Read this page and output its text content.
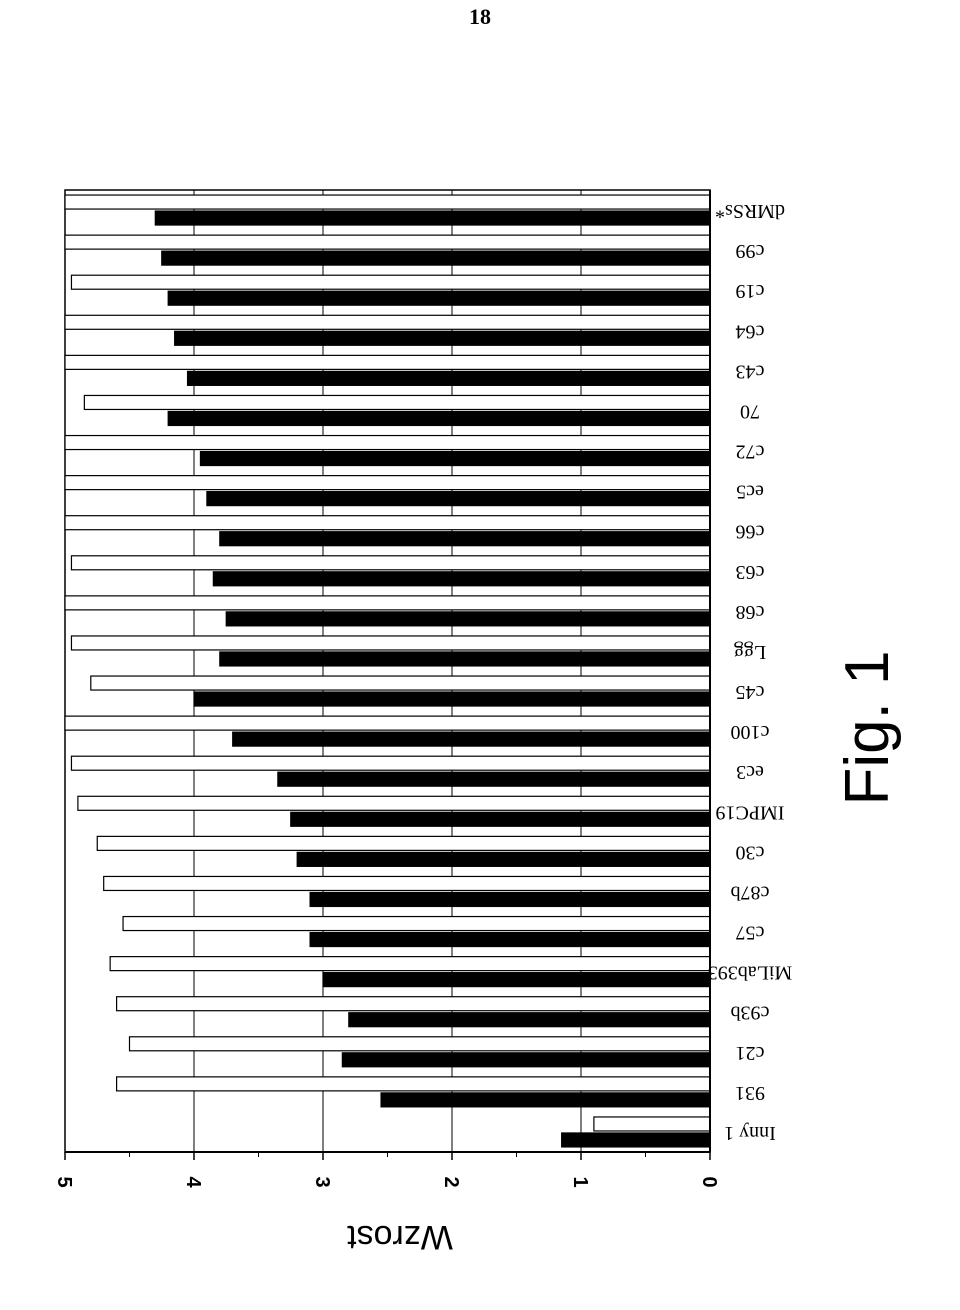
18
0
1
2
3
4
5
Inny 1
931
c21
c93b
MiLab393
c57
c87b
c30
IMPC19
ec3
c100
c45
Lgg
c68
c63
c66
ec5
c72
70
c43
c64
c19
c99
dMRSs*
Wzrost
Fig. 1
